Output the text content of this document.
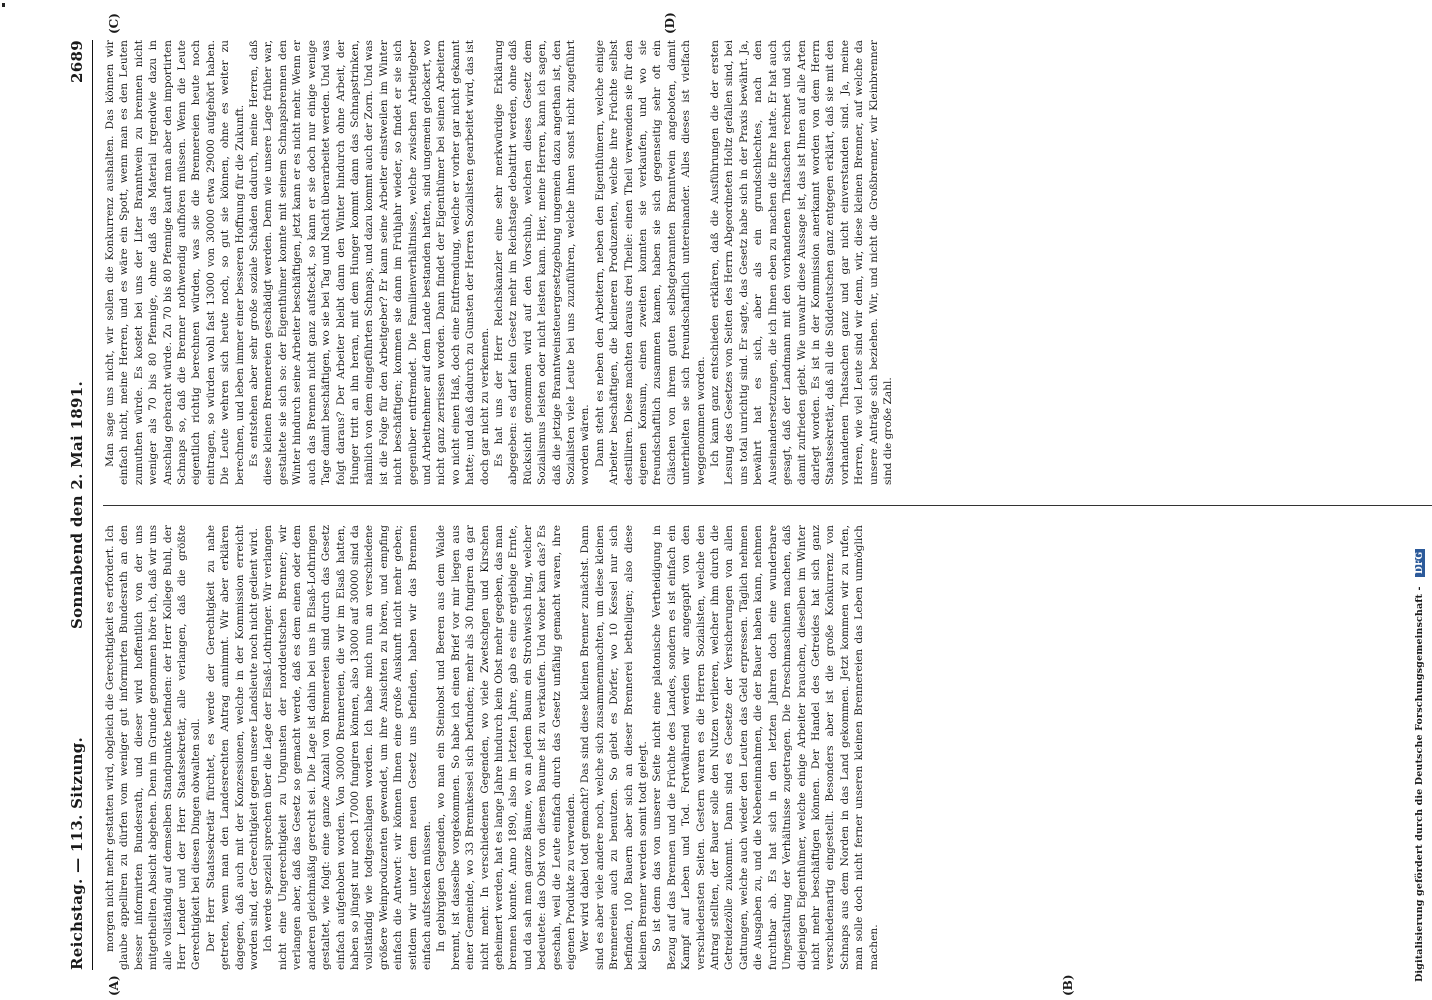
Reichstag. — 113. Sitzung.
Sonnabend den 2. Mai 1891.
2689
(A)	(B)
(C)	(D)

morgen nicht mehr gestatten wird, obgleich die Gerechtigkeit es erfordert. Ich glaube appelliren zu dürfen vom weniger gut informirten Bundesrath an den besser informirten Bundesrath, und dieser wird hoffentlich von der uns mitgetheilten Absicht abgehen. Denn im Grunde genommen höre ich, daß wir uns alle vollständig auf demselben Standpunkte befinden: der Herr Kollege Buhl, der Herr Lender und der Herr Staatssekretär, alle verlangen, daß die größte Gerechtigkeit bei diesen Dingen obwalten soll. Der Herr Staatssekretär fürchtet, es werde der Gerechtigkeit zu nahe getreten, wenn man den Landesrechten Antrag annimmt. Wir aber erklären dagegen, daß auch mit der Konzessionen, welche in der Kommission erreicht worden sind, der Gerechtigkeit gegen unsere Landsleute noch nicht gedient wird. Ich werde speziell sprechen über die Lage der Elsaß-Lothringer. Wir verlangen nicht eine Ungerechtigkeit zu Ungunsten der norddeutschen Brenner; wir verlangen aber, daß das Gesetz so gemacht werde, daß es dem einen oder dem anderen gleichmäßig gerecht sei. Die Lage ist dahin bei uns in Elsaß-Lothringen gestaltet, wie folgt: eine ganze Anzahl von Brennereien sind durch das Gesetz einfach aufgehoben worden. Von 30000 Brennereien, die wir im Elsaß hatten, haben so jüngst nur noch 17000 fungiren können, also 13000 auf 30000 sind da vollständig wie todtgeschlagen worden. Ich habe mich nun an verschiedene größere Weinproduzenten gewendet, um ihre Ansichten zu hören, und empfing einfach die Antwort: wir können Ihnen eine große Auskunft nicht mehr geben; seitdem wir unter dem neuen Gesetz uns befinden, haben wir das Brennen einfach aufstecken müssen. In gebirgigen Gegenden, wo man ein Steinobst und Beeren aus dem Walde brennt, ist dasselbe vorgekommen. So habe ich einen Brief vor mir liegen aus einer Gemeinde, wo 33 Brennkessel sich befunden; mehr als 30 fungiren da gar nicht mehr. In verschiedenen Gegenden, wo viele Zwetschgen und Kirschen geheimert werden, hat es lange Jahre hindurch kein Obst mehr gegeben, das man brennen konnte. Anno 1890, also im letzten Jahre, gab es eine ergiebige Ernte, und da sah man ganze Bäume, wo an jedem Baum ein Strohwisch hing, welcher bedeutete: das Obst von diesem Baume ist zu verkaufen. Und woher kam das? Es geschah, weil die Leute einfach durch das Gesetz unfähig gemacht waren, ihre eigenen Produkte zu verwenden. Wer wird dabei todt gemacht? Das sind diese kleinen Brenner zunächst. Dann sind es aber viele andere noch, welche sich zusammenmachten, um diese kleinen Brennereien auch zu benutzen. So giebt es Dörfer, wo 10 Kessel nur sich befinden, 100 Bauern aber sich an dieser Brennerei betheiligen; also diese kleinen Brenner werden somit todt gelegt. So ist denn das von unserer Seite nicht eine platonische Vertheidigung in Bezug auf das Brennen und die Früchte des Landes, sondern es ist einfach ein Kampf auf Leben und Tod. Fortwährend werden wir angegapft von den verschiedensten Seiten. Gestern waren es die Herren Sozialisten, welche den Antrag stellten, der Bauer solle den Nutzen verlieren, welcher ihm durch die Getreidezölle zukommt. Dann sind es Gesetze der Versicherungen von allen Gattungen, welche auch wieder den Leuten das Geld erpressen. Täglich nehmen die Ausgaben zu, und die Nebeneinnahmen, die der Bauer haben kann, nehmen furchtbar ab. Es hat sich in den letzten Jahren doch eine wunderbare Umgestaltung der Verhältnisse zugetragen. Die Dreschmaschinen machen, daß diejenigen Eigenthümer, welche einige Arbeiter brauchen, dieselben im Winter nicht mehr beschäftigen können. Der Handel des Getreides hat sich ganz verschiedenartig eingestellt. Besonders aber ist die große Konkurrenz von Schnaps aus dem Norden in das Land gekommen. Jetzt kommen wir zu rufen, man solle doch nicht ferner unseren kleinen Brennereien das Leben unmöglich machen.

Man sage uns nicht, wir sollen die Konkurrenz aushalten. Das können wir einfach nicht, meine Herren, und es wäre ein Spott, wenn man es den Leuten zumuthen würde. Es kostet bei uns der Liter Branntwein zu brennen nicht weniger als 70 bis 80 Pfennige, ohne daß das Material irgendwie dazu in Anschlag gebracht würde. Zu 70 bis 80 Pfennige kauft man aber den importirten Schnaps so, daß die Brenner nothwendig aufhören müssen. Wenn die Leute eigentlich richtig berechnen würden, was sie die Brennereien heute noch eintragen, so würden wohl fast 13000 von 30000 etwa 29000 aufgehört haben. Die Leute wehren sich heute noch, so gut sie können, ohne es weiter zu berechnen, und leben immer einer besseren Hoffnung für die Zukunft. Es entstehen aber sehr große soziale Schäden dadurch, meine Herren, daß diese kleinen Brennereien geschädigt werden. Denn wie unsere Lage früher war, gestaltete sie sich so: der Eigenthümer konnte mit seinem Schnapsbrennen den Winter hindurch seine Arbeiter beschäftigen, jetzt kann er es nicht mehr. Wenn er auch das Brennen nicht ganz aufsteckt, so kann er sie doch nur einige wenige Tage damit beschäftigen, wo sie bei Tag und Nacht überarbeitet werden. Und was folgt daraus? Der Arbeiter bleibt dann den Winter hindurch ohne Arbeit, der Hunger tritt an ihn heran, mit dem Hunger kommt dann das Schnapstrinken, nämlich von dem eingeführten Schnaps, und dazu kommt auch der Zorn. Und was ist die Folge für den Arbeitgeber? Er kann seine Arbeiter einstweilen im Winter nicht beschäftigen; kommen sie dann im Frühjahr wieder, so findet er sie sich gegenüber entfremdet. Die Familienverhältnisse, welche zwischen Arbeitgeber und Arbeitnehmer auf dem Lande bestanden hatten, sind ungemein gelockert, wo nicht ganz zerrissen worden. Dann findet der Eigenthümer bei seinen Arbeitern wo nicht einen Haß, doch eine Entfremdung, welche er vorher gar nicht gekannt hatte; und daß dadurch zu Gunsten der Herren Sozialisten gearbeitet wird, das ist doch gar nicht zu verkennen. Es hat uns der Herr Reichskanzler eine sehr merkwürdige Erklärung abgegeben: es darf kein Gesetz mehr im Reichstage debattirt werden, ohne daß Rücksicht genommen wird auf den Vorschub, welchen dieses Gesetz dem Sozialismus leisten oder nicht leisten kann. Hier, meine Herren, kann ich sagen, daß die jetzige Branntweinsteuergesetzgebung ungemein dazu angethan ist, den Sozialisten viele Leute bei uns zuzuführen, welche ihnen sonst nicht zugeführt worden wären. Dann steht es neben den Arbeitern, neben den Eigenthümern, welche einige Arbeiter beschäftigen, die kleineren Produzenten, welche ihre Früchte selbst destilliren. Diese machten daraus drei Theile: einen Theil verwenden sie für den eigenen Konsum, einen zweiten konnten sie verkaufen, und wo sie freundschaftlich zusammen kamen, haben sie sich gegenseitig sehr oft ein Gläschen von ihrem guten selbstgebrannten Branntwein angeboten, damit unterhielten sie sich freundschaftlich untereinander. Alles dieses ist vielfach weggenommen worden. Ich kann ganz entschieden erklären, daß die Ausführungen die der ersten Lesung des Gesetzes von Seiten des Herrn Abgeordneten Holtz gefallen sind, bei uns total unrichtig sind. Er sagte, das Gesetz habe sich in der Praxis bewährt. Ja, bewährt hat es sich, aber als ein grundschlechtes, nach den Auseinandersetzungen, die ich Ihnen eben zu machen die Ehre hatte. Er hat auch gesagt, daß der Landmann mit den vorhandenen Thatsachen rechnet und sich damit zufrieden giebt. Wie unwahr diese Aussage ist, das ist Ihnen auf alle Arten darlegt worden. Es ist in der Kommission anerkannt worden von dem Herrn Staatssekretär, daß all die Süddeutschen ganz entgegen erklärt, daß sie mit den vorhandenen Thatsachen ganz und gar nicht einverstanden sind. Ja, meine Herren, wie viel Leute sind wir denn, wir, diese kleinen Brenner, auf welche da unsere Anträge sich beziehen. Wir, und nicht die Großbrenner, wir Kleinbrenner sind die große Zahl.

Digitalisierung gefördert durch die Deutsche Forschungsgemeinschaft - DFG
